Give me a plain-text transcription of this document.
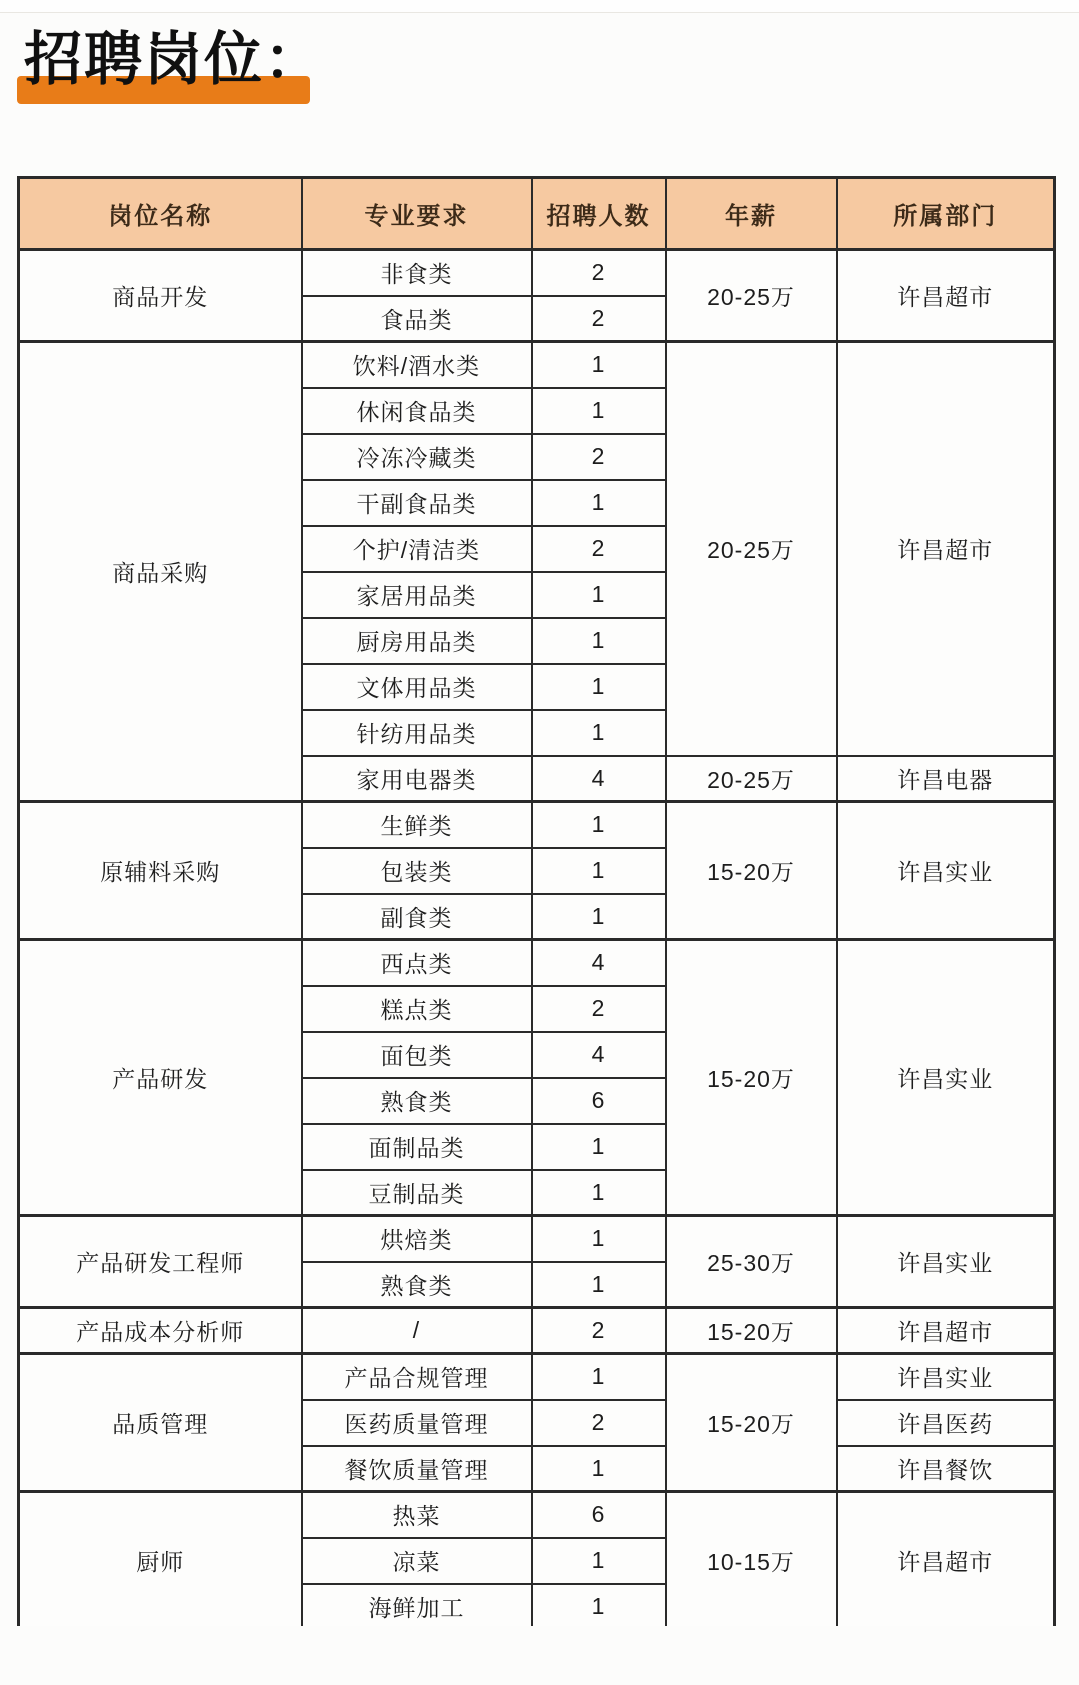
招聘岗位：
岗位名称	专业要求	招聘人数	年薪	所属部门
商品开发	非食类	2	20-25万	许昌超市
	食品类	2		
商品采购	饮料/酒水类	1	20-25万	许昌超市
	休闲食品类	1		
	冷冻冷藏类	2		
	干副食品类	1		
	个护/清洁类	2		
	家居用品类	1		
	厨房用品类	1		
	文体用品类	1		
	针纺用品类	1		
	家用电器类	4	20-25万	许昌电器
原辅料采购	生鲜类	1	15-20万	许昌实业
	包装类	1		
	副食类	1		
产品研发	西点类	4	15-20万	许昌实业
	糕点类	2		
	面包类	4		
	熟食类	6		
	面制品类	1		
	豆制品类	1		
产品研发工程师	烘焙类	1	25-30万	许昌实业
	熟食类	1		
产品成本分析师	/	2	15-20万	许昌超市
品质管理	产品合规管理	1	15-20万	许昌实业
	医药质量管理	2		许昌医药
	餐饮质量管理	1		许昌餐饮
厨师	热菜	6	10-15万	许昌超市
	凉菜	1		
	海鲜加工	1		
